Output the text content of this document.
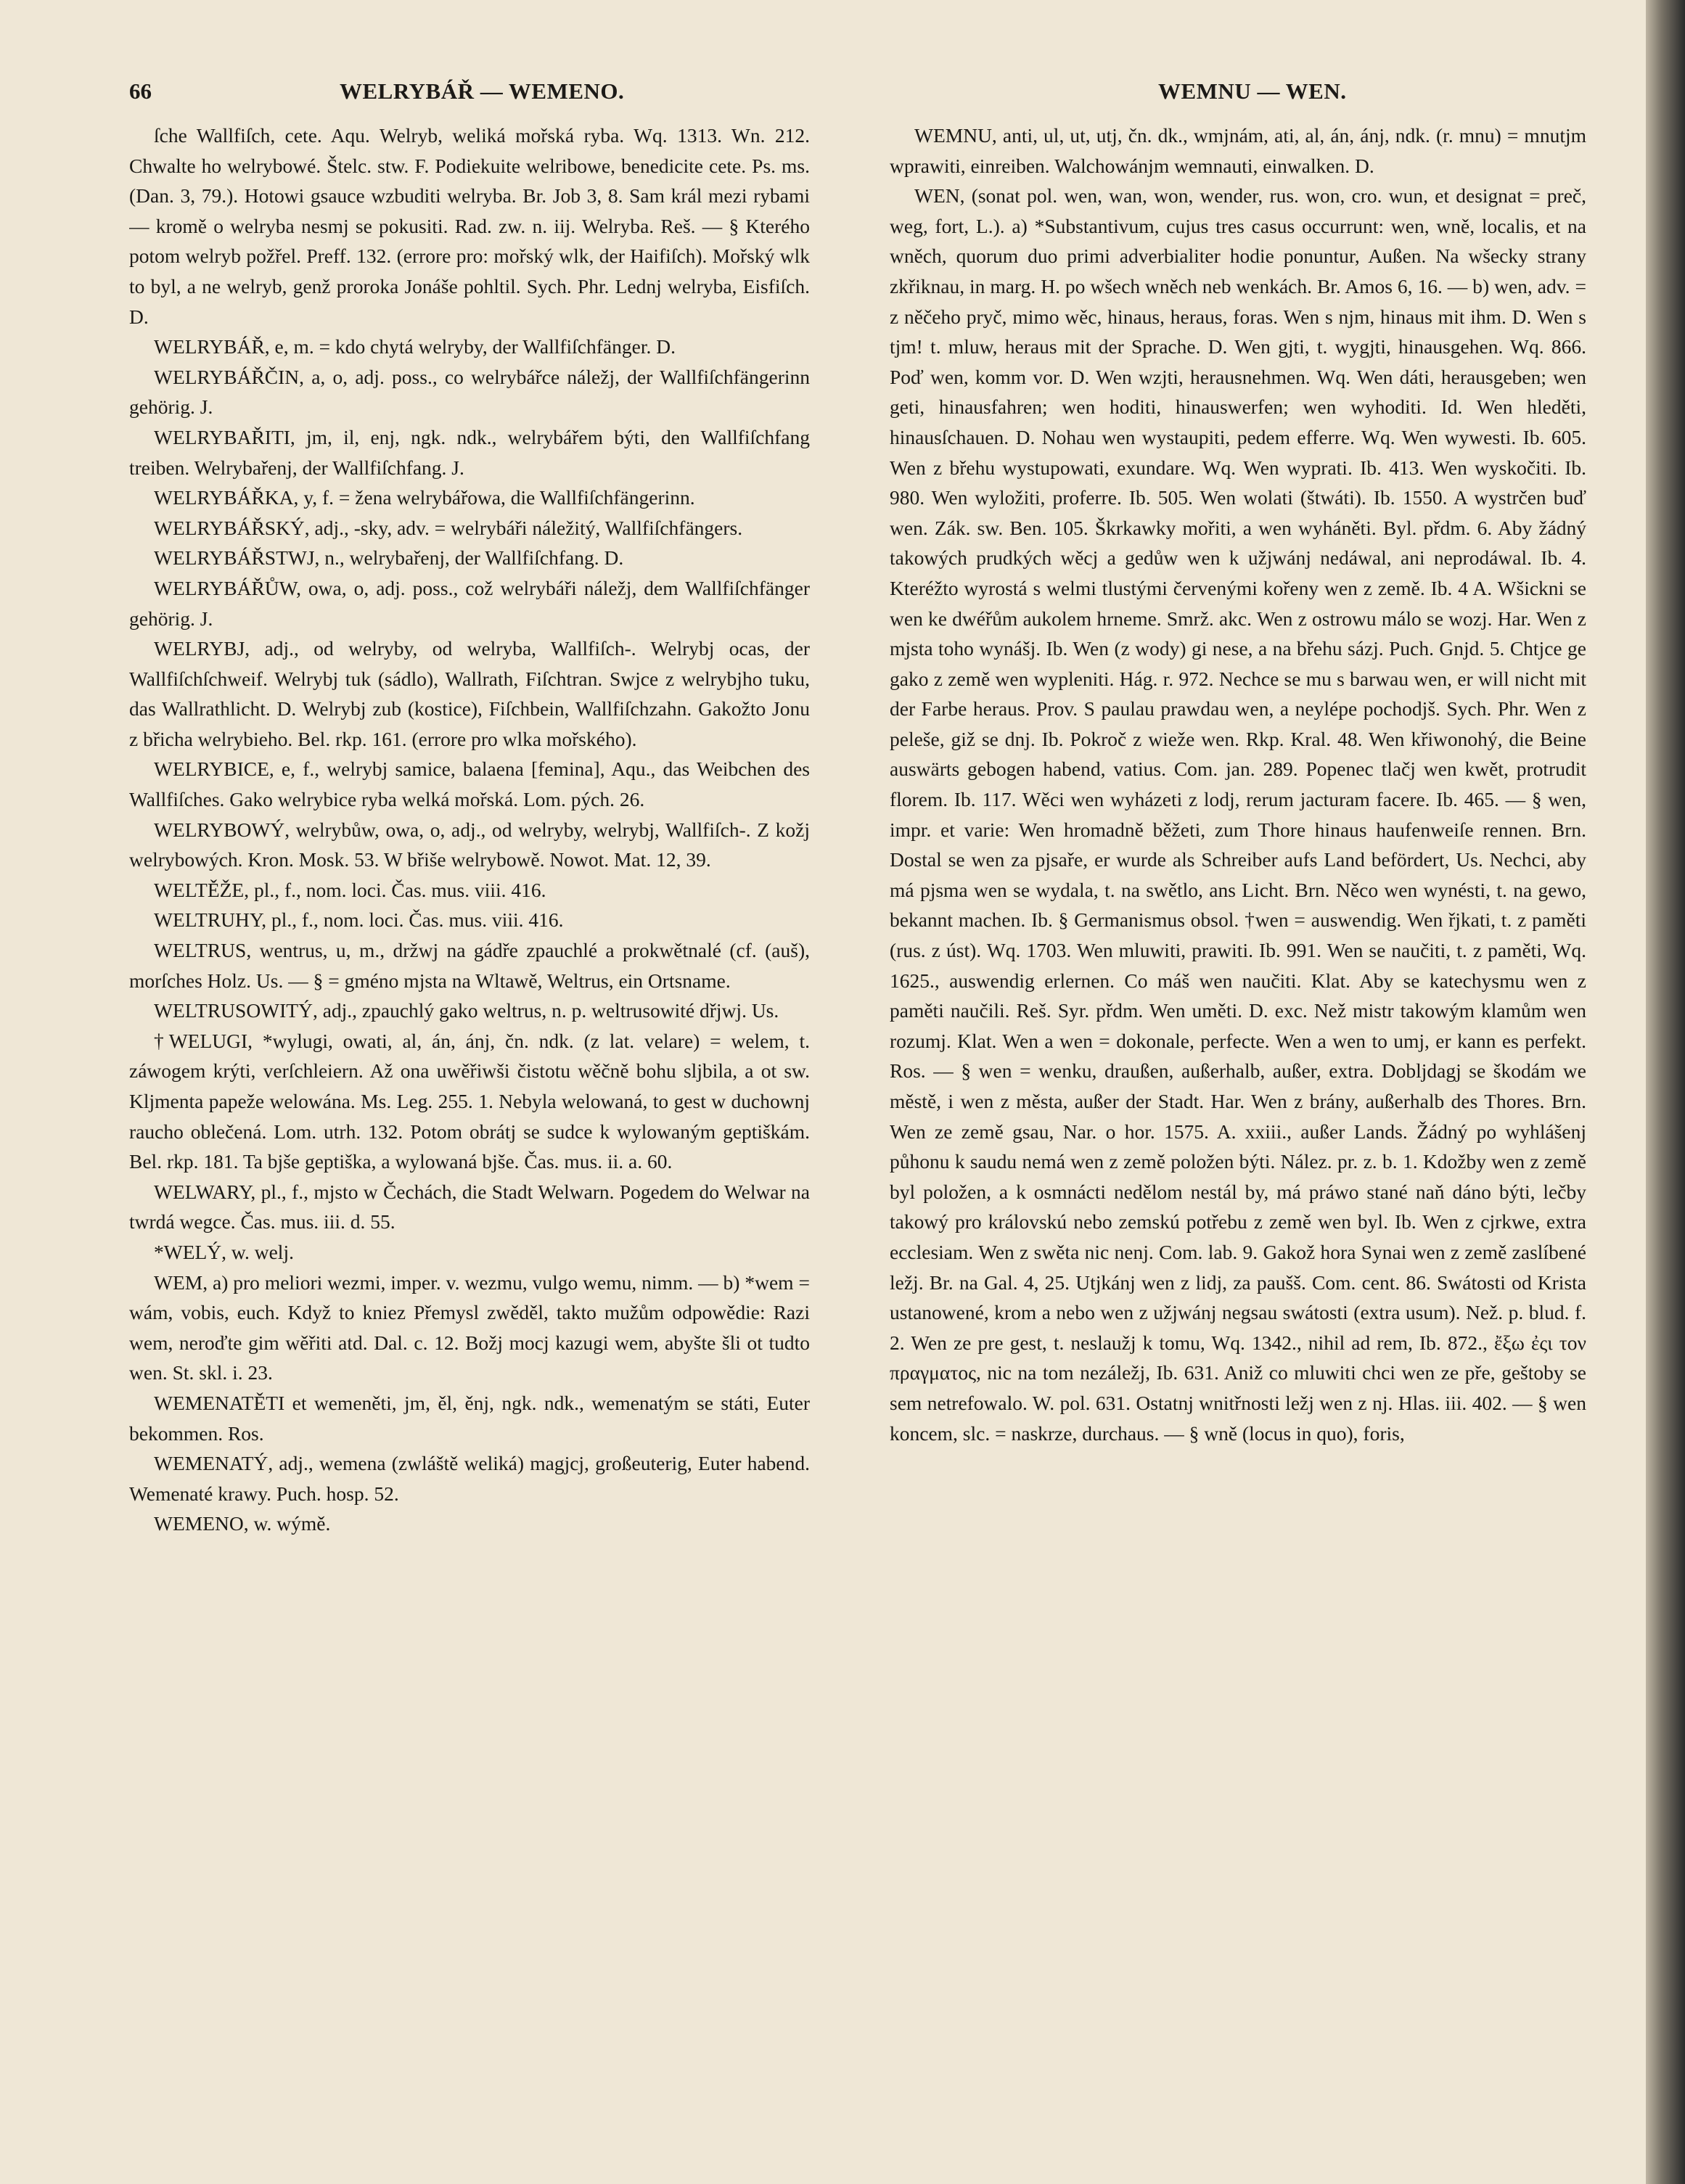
66	WELRYBÁŘ — WEMENO.	WEMNU — WEN.

ſche Wallfiſch, cete. Aqu. Welryb, weliká mořská ryba. Wq. 1313. Wn. 212. Chwalte ho welrybowé. Štelc. stw. F. Podiekuite welribowe, benedicite cete. Ps. ms. (Dan. 3, 79.). Hotowi gsauce wzbuditi welryba. Br. Job 3, 8. Sam král mezi rybami — kromě o welryba nesmj se pokusiti. Rad. zw. n. iij. Welryba. Reš. — § Kterého potom welryb požřel. Preff. 132. (errore pro: mořský wlk, der Haifiſch). Mořský wlk to byl, a ne welryb, genž proroka Jonáše pohltil. Sych. Phr. Lednj welryba, Eisfiſch. D.

WELRYBÁŘ, e, m. = kdo chytá welryby, der Wallfiſchfänger. D.

WELRYBÁŘČIN, a, o, adj. poss., co welrybářce náležj, der Wallfiſchfängerinn gehörig. J.

WELRYBAŘITI, jm, il, enj, ngk. ndk., welrybářem býti, den Wallfiſchfang treiben. Welrybařenj, der Wallfiſchfang. J.

WELRYBÁŘKA, y, f. = žena welrybářowa, die Wallfiſchfängerinn.

WELRYBÁŘSKÝ, adj., -sky, adv. = welrybáři náležitý, Wallfiſchfängers.

WELRYBÁŘSTWJ, n., welrybařenj, der Wallfiſchfang. D.

WELRYBÁŘŮW, owa, o, adj. poss., což welrybáři náležj, dem Wallfiſchfänger gehörig. J.

WELRYBJ, adj., od welryby, od welryba, Wallfiſch-. Welrybj ocas, der Wallfiſchſchweif. Welrybj tuk (sádlo), Wallrath, Fiſchtran. Swjce z welrybjho tuku, das Wallrathlicht. D. Welrybj zub (kostice), Fiſchbein, Wallfiſchzahn. Gakožto Jonu z břicha welrybieho. Bel. rkp. 161. (errore pro wlka mořského).

WELRYBICE, e, f., welrybj samice, balaena [femina], Aqu., das Weibchen des Wallfiſches. Gako welrybice ryba welká mořská. Lom. pých. 26.

WELRYBOWÝ, welrybůw, owa, o, adj., od welryby, welrybj, Wallfiſch-. Z kožj welrybowých. Kron. Mosk. 53. W břiše welrybowě. Nowot. Mat. 12, 39.

WELTĚŽE, pl., f., nom. loci. Čas. mus. viii. 416.

WELTRUHY, pl., f., nom. loci. Čas. mus. viii. 416.

WELTRUS, wentrus, u, m., držwj na gádře zpauchlé a prokwětnalé (cf. (auš), morſches Holz. Us. — § = gméno mjsta na Wltawě, Weltrus, ein Ortsname.

WELTRUSOWITÝ, adj., zpauchlý gako weltrus, n. p. weltrusowité dřjwj. Us.

†WELUGI, *wylugi, owati, al, án, ánj, čn. ndk. (z lat. velare) = welem, t. záwogem krýti, verſchleiern. Až ona uwěřiwši čistotu wěčně bohu sljbila, a ot sw. Kljmenta papeže welowána. Ms. Leg. 255. 1. Nebyla welowaná, to gest w duchownj raucho oblečená. Lom. utrh. 132. Potom obrátj se sudce k wylowaným geptiškám. Bel. rkp. 181. Ta bjše geptiška, a wylowaná bjše. Čas. mus. ii. a. 60.

WELWARY, pl., f., mjsto w Čechách, die Stadt Welwarn. Pogedem do Welwar na twrdá wegce. Čas. mus. iii. d. 55.

*WELÝ, w. welj.

WEM, a) pro meliori wezmi, imper. v. wezmu, vulgo wemu, nimm. — b) *wem = wám, vobis, euch. Když to kniez Přemysl zwěděl, takto mužům odpowědie: Razi wem, neroďte gim wěřiti atd. Dal. c. 12. Božj mocj kazugi wem, abyšte šli ot tudto wen. St. skl. i. 23.

WEMENATĚTI et wemeněti, jm, ěl, ěnj, ngk. ndk., wemenatým se státi, Euter bekommen. Ros.

WEMENATÝ, adj., wemena (zwláště weliká) magjcj, großeuterig, Euter habend. Wemenaté krawy. Puch. hosp. 52.

WEMENO, w. wýmě.

WEMNU, anti, ul, ut, utj, čn. dk., wmjnám, ati, al, án, ánj, ndk. (r. mnu) = mnutjm wprawiti, einreiben. Walchowánjm wemnauti, einwalken. D.

WEN, (sonat pol. wen, wan, won, wender, rus. won, cro. wun, et designat = preč, weg, fort, L.). a) *Substantivum, cujus tres casus occurrunt: wen, wně, localis, et na wněch, quorum duo primi adverbialiter hodie ponuntur, Außen. Na wšecky strany zkřiknau, in marg. H. po wšech wněch neb wenkách. Br. Amos 6, 16. — b) wen, adv. = z něčeho pryč, mimo wěc, hinaus, heraus, foras. Wen s njm, hinaus mit ihm. D. Wen s tjm! t. mluw, heraus mit der Sprache. D. Wen gjti, t. wygjti, hinausgehen. Wq. 866. Poď wen, komm vor. D. Wen wzjti, herausnehmen. Wq. Wen dáti, herausgeben; wen geti, hinausfahren; wen hoditi, hinauswerfen; wen wyhoditi. Id. Wen hleděti, hinausſchauen. D. Nohau wen wystaupiti, pedem efferre. Wq. Wen wywesti. Ib. 605. Wen z břehu wystupowati, exundare. Wq. Wen wyprati. Ib. 413. Wen wyskočiti. Ib. 980. Wen wyložiti, proferre. Ib. 505. Wen wolati (štwáti). Ib. 1550. A wystrčen buď wen. Zák. sw. Ben. 105. Škrkawky mořiti, a wen wyháněti. Byl. přdm. 6. Aby žádný takowých prudkých wěcj a gedůw wen k užjwánj nedáwal, ani neprodáwal. Ib. 4. Kteréžto wyrostá s welmi tlustými červenými kořeny wen z země. Ib. 4 A. Wšickni se wen ke dwéřům aukolem hrneme. Smrž. akc. Wen z ostrowu málo se wozj. Har. Wen z mjsta toho wynášj. Ib. Wen (z wody) gi nese, a na břehu sázj. Puch. Gnjd. 5. Chtjce ge gako z země wen wypleniti. Hág. r. 972. Nechce se mu s barwau wen, er will nicht mit der Farbe heraus. Prov. S paulau prawdau wen, a neylépe pochodjš. Sych. Phr. Wen z peleše, giž se dnj. Ib. Pokroč z wieže wen. Rkp. Kral. 48. Wen křiwonohý, die Beine auswärts gebogen habend, vatius. Com. jan. 289. Popenec tlačj wen kwět, protrudit florem. Ib. 117. Wěci wen wyházeti z lodj, rerum jacturam facere. Ib. 465. — § wen, impr. et varie: Wen hromadně běžeti, zum Thore hinaus haufenweiſe rennen. Brn. Dostal se wen za pjsaře, er wurde als Schreiber aufs Land befördert, Us. Nechci, aby má pjsma wen se wydala, t. na swětlo, ans Licht. Brn. Něco wen wynésti, t. na gewo, bekannt machen. Ib. § Germanismus obsol. †wen = auswendig. Wen řjkati, t. z paměti (rus. z úst). Wq. 1703. Wen mluwiti, prawiti. Ib. 991. Wen se naučiti, t. z paměti, Wq. 1625., auswendig erlernen. Co máš wen naučiti. Klat. Aby se katechysmu wen z paměti naučili. Reš. Syr. přdm. Wen uměti. D. exc. Než mistr takowým klamům wen rozumj. Klat. Wen a wen = dokonale, perfecte. Wen a wen to umj, er kann es perfekt. Ros. — § wen = wenku, draußen, außerhalb, außer, extra. Dobljdagj se škodám we městě, i wen z města, außer der Stadt. Har. Wen z brány, außerhalb des Thores. Brn. Wen ze země gsau, Nar. o hor. 1575. A. xxiii., außer Lands. Žádný po wyhlášenj půhonu k saudu nemá wen z země položen býti. Nález. pr. z. b. 1. Kdožby wen z země byl položen, a k osmnácti nedělom nestál by, má práwo stané naň dáno býti, lečby takowý pro královskú nebo zemskú potřebu z země wen byl. Ib. Wen z cjrkwe, extra ecclesiam. Wen z swěta nic nenj. Com. lab. 9. Gakož hora Synai wen z země zaslíbené ležj. Br. na Gal. 4, 25. Utjkánj wen z lidj, za paušš. Com. cent. 86. Swátosti od Krista ustanowené, krom a nebo wen z užjwánj negsau swátosti (extra usum). Než. p. blud. f. 2. Wen ze pre gest, t. neslaužj k tomu, Wq. 1342., nihil ad rem, Ib. 872., ἔξω ἐςι τον πραγματος, nic na tom nezáležj, Ib. 631. Aniž co mluwiti chci wen ze pře, geštoby se sem netrefowalo. W. pol. 631. Ostatnj wnitřnosti ležj wen z nj. Hlas. iii. 402. — § wen koncem, slc. = naskrze, durchaus. — § wně (locus in quo), foris,
